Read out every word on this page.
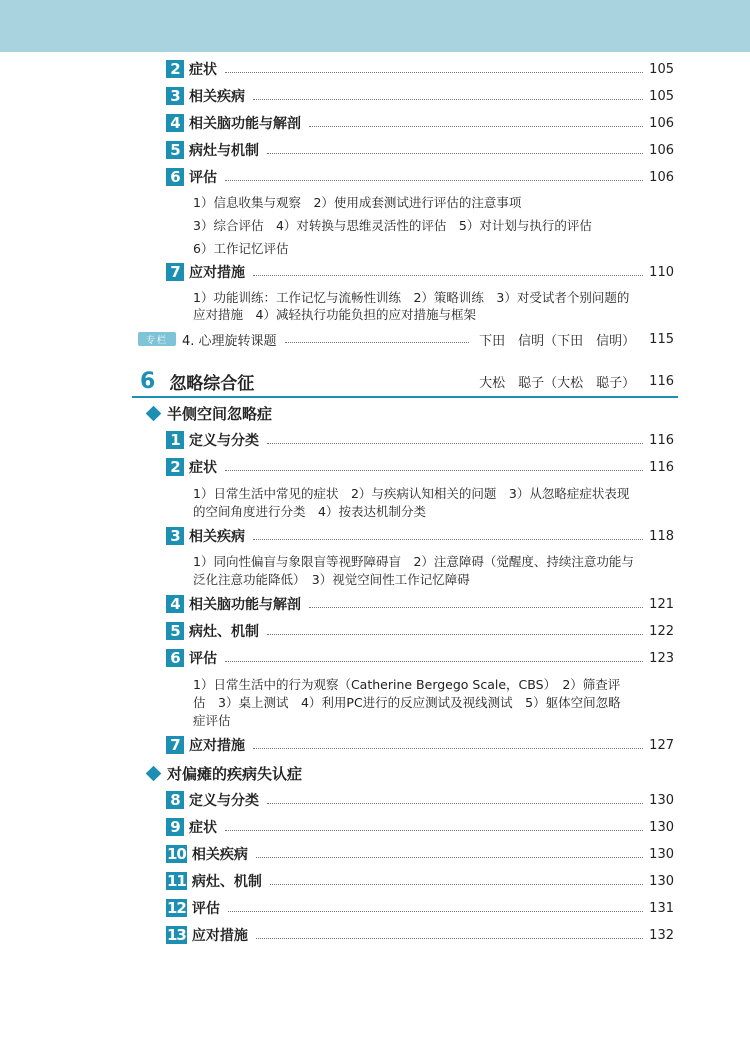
2 症状	105
3 相关疾病	105
4 相关脑功能与解剖	106
5 病灶与机制	106
6 评估	106
1）信息收集与观察　2）使用成套测试进行评估的注意事项
3）综合评估　4）对转换与思维灵活性的评估　5）对计划与执行的评估
6）工作记忆评估
7 应对措施	110
1）功能训练：工作记忆与流畅性训练　2）策略训练　3）对受试者个别问题的
应对措施　4）减轻执行功能负担的应对措施与框架
专栏	4. 心理旋转课题	下田　信明（下田　信明） 115
6 忽略综合征	大松　聪子（大松　聪子） 116
半侧空间忽略症
1 定义与分类	116
2 症状	116
1）日常生活中常见的症状　2）与疾病认知相关的问题　3）从忽略症症状表现
的空间角度进行分类　4）按表达机制分类
3 相关疾病	118
1）同向性偏盲与象限盲等视野障碍盲　2）注意障碍（觉醒度、持续注意功能与
泛化注意功能降低）　3）视觉空间性工作记忆障碍
4 相关脑功能与解剖	121
5 病灶、机制	122
6 评估	123
1）日常生活中的行为观察（Catherine Bergego Scale，CBS）　2）筛查评
估　3）桌上测试　4）利用PC进行的反应测试及视线测试　5）躯体空间忽略
症评估
7 应对措施	127
对偏瘫的疾病失认症
8 定义与分类	130
9 症状	130
10 相关疾病	130
11 病灶、机制	130
12 评估	131
13 应对措施	132
